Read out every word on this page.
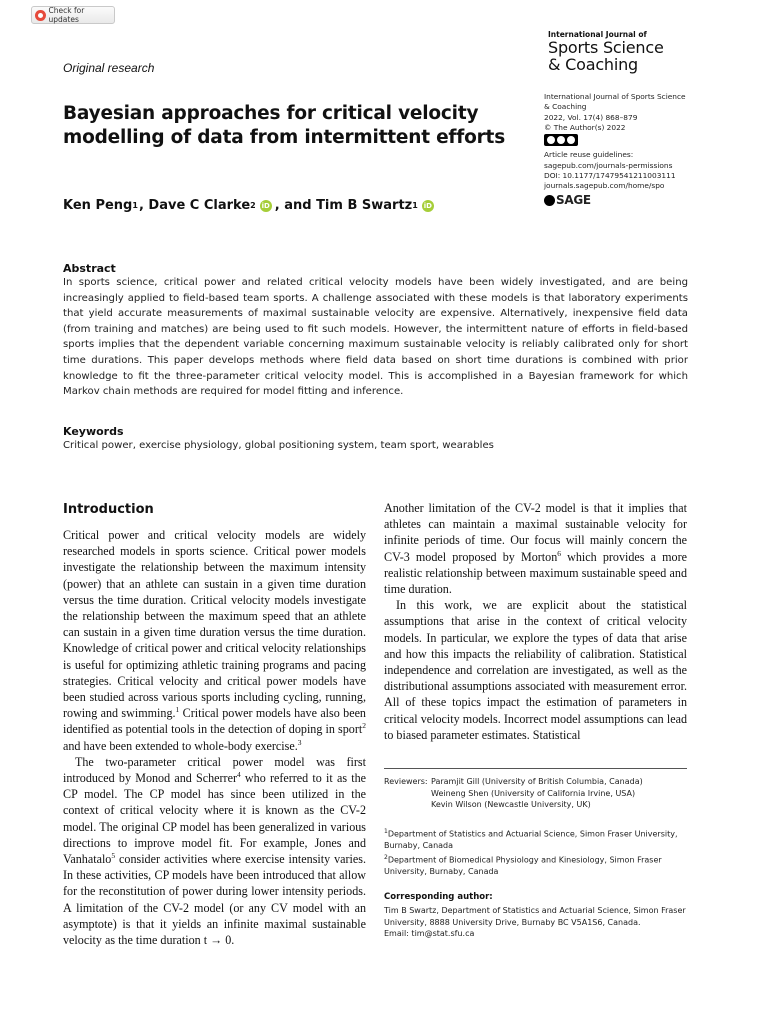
Check for updates
International Journal of
Sports Science
& Coaching
Original research
Bayesian approaches for critical velocity modelling of data from intermittent efforts
International Journal of Sports Science
& Coaching
2022, Vol. 17(4) 868–879
© The Author(s) 2022
Article reuse guidelines:
sagepub.com/journals-permissions
DOI: 10.1177/17479541211003111
journals.sagepub.com/home/spo
SAGE
Ken Peng 1 , Dave C Clarke 2 iD , and Tim B Swartz 1 iD
Abstract
In sports science, critical power and related critical velocity models have been widely investigated, and are being increasingly applied to field-based team sports. A challenge associated with these models is that laboratory experiments that yield accurate measurements of maximal sustainable velocity are expensive. Alternatively, inexpensive field data (from training and matches) are being used to fit such models. However, the intermittent nature of efforts in field-based sports implies that the dependent variable concerning maximum sustainable velocity is reliably calibrated only for short time durations. This paper develops methods where field data based on short time durations is combined with prior knowledge to fit the three-parameter critical velocity model. This is accomplished in a Bayesian framework for which Markov chain methods are required for model fitting and inference.
Keywords
Critical power, exercise physiology, global positioning system, team sport, wearables
Introduction

Critical power and critical velocity models are widely researched models in sports science. Critical power models investigate the relationship between the maximum intensity (power) that an athlete can sustain in a given time duration versus the time duration. Critical velocity models investigate the relationship between the maximum speed that an athlete can sustain in a given time duration versus the time duration. Knowledge of critical power and critical velocity relationships is useful for optimizing athletic training programs and pacing strategies. Critical velocity and critical power models have been studied across various sports including cycling, running, rowing and swimming.$^1$ Critical power models have also been identified as potential tools in the detection of doping in sport$^2$ and have been extended to whole-body exercise.$^3$

The two-parameter critical power model was first introduced by Monod and Scherrer$^4$ who referred to it as the CP model. The CP model has since been utilized in the context of critical velocity where it is known as the CV-2 model. The original CP model has been generalized in various directions to improve model fit. For example, Jones and Vanhatalo$^5$ consider activities where exercise intensity varies. In these activities, CP models have been introduced that allow for the reconstitution of power during lower intensity periods. A limitation of the CV-2 model (or any CV model with an asymptote) is that it yields an infinite maximal sustainable velocity as the time duration t → 0.

Another limitation of the CV-2 model is that it implies that athletes can maintain a maximal sustainable velocity for infinite periods of time. Our focus will mainly concern the CV-3 model proposed by Morton$^6$ which provides a more realistic relationship between maximum sustainable speed and time duration.

In this work, we are explicit about the statistical assumptions that arise in the context of critical velocity models. In particular, we explore the types of data that arise and how this impacts the reliability of calibration. Statistical independence and correlation are investigated, as well as the distributional assumptions associated with measurement error. All of these topics impact the estimation of parameters in critical velocity models. Incorrect model assumptions can lead to biased parameter estimates. Statistical

Reviewers: Paramjit Gill (University of British Columbia, Canada)
Weineng Shen (University of California Irvine, USA)
Kevin Wilson (Newcastle University, UK)
$^1$Department of Statistics and Actuarial Science, Simon Fraser University, Burnaby, Canada
$^2$Department of Biomedical Physiology and Kinesiology, Simon Fraser University, Burnaby, Canada
Corresponding author:
Tim B Swartz, Department of Statistics and Actuarial Science, Simon Fraser University, 8888 University Drive, Burnaby BC V5A1S6, Canada.
Email: tim@stat.sfu.ca
